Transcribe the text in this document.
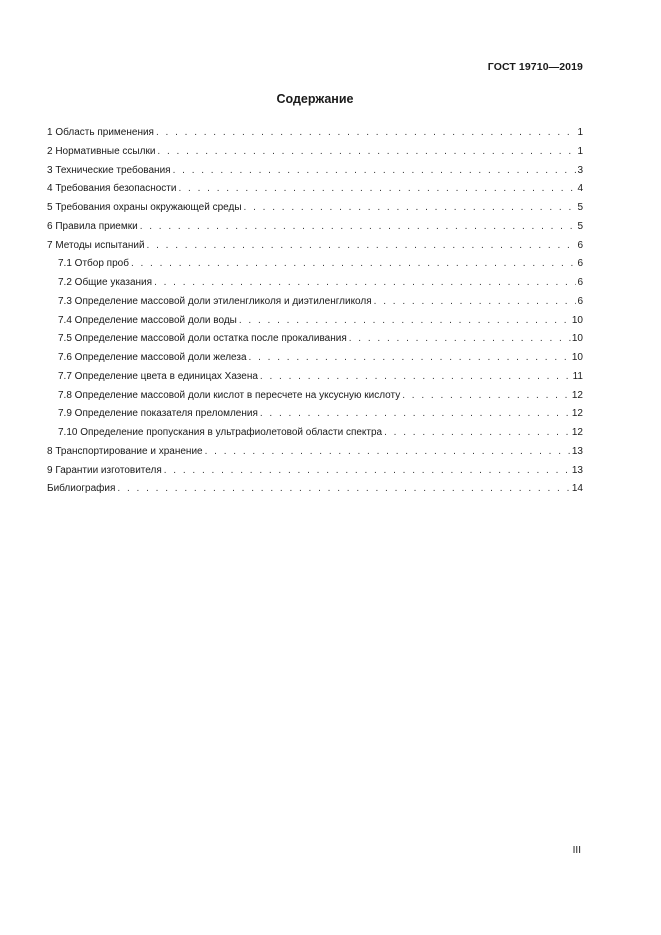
ГОСТ 19710—2019
Содержание
1 Область применения . . .	1
2 Нормативные ссылки . . .	1
3 Технические требования . . .	3
4 Требования безопасности . . .	4
5 Требования охраны окружающей среды . . .	5
6 Правила приемки . . .	5
7 Методы испытаний . . .	6
7.1 Отбор проб . . .	6
7.2 Общие указания . . .	6
7.3 Определение массовой доли этиленгликоля и диэтиленгликоля . . .	6
7.4 Определение массовой доли воды . . .	10
7.5 Определение массовой доли остатка после прокаливания . . .	10
7.6 Определение массовой доли железа . . .	10
7.7 Определение цвета в единицах Хазена . . .	11
7.8 Определение массовой доли кислот в пересчете на уксусную кислоту . . .	12
7.9 Определение показателя преломления . . .	12
7.10 Определение пропускания в ультрафиолетовой области спектра . . .	12
8 Транспортирование и хранение . . .	13
9 Гарантии изготовителя . . .	13
Библиография . . .	14
III
